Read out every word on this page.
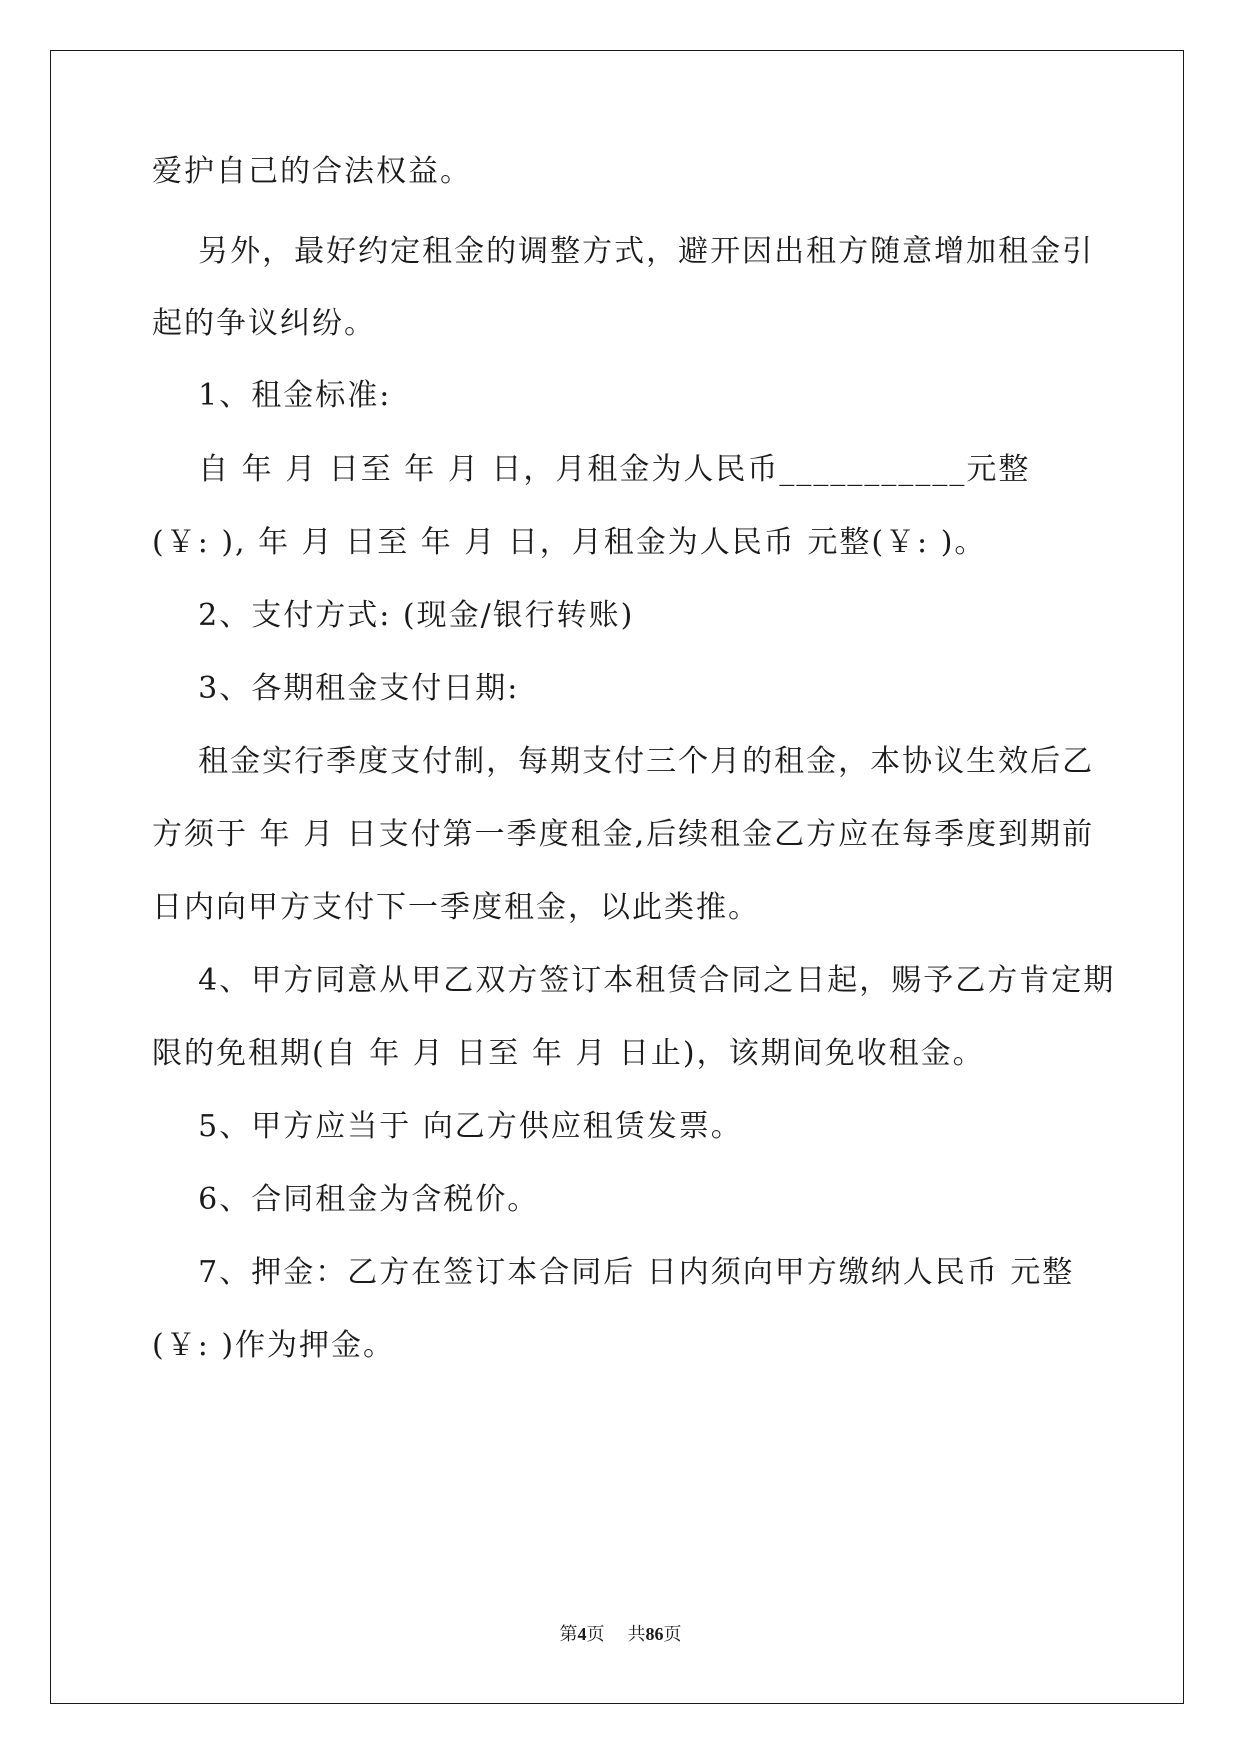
爱护自己的合法权益。
另外，最好约定租金的调整方式，避开因出租方随意增加租金引
起的争议纠纷。
1、租金标准:
自 年 月 日至 年 月 日，月租金为人民币___________元整
(￥: ), 年 月 日至 年 月 日，月租金为人民币 元整(￥: )。
2、支付方式: (现金/银行转账)
3、各期租金支付日期:
租金实行季度支付制，每期支付三个月的租金，本协议生效后乙
方须于 年 月 日支付第一季度租金,后续租金乙方应在每季度到期前
日内向甲方支付下一季度租金，以此类推。
4、甲方同意从甲乙双方签订本租赁合同之日起，赐予乙方肯定期
限的免租期(自 年 月 日至 年 月 日止)，该期间免收租金。
5、甲方应当于 向乙方供应租赁发票。
6、合同租金为含税价。
7、押金：乙方在签订本合同后 日内须向甲方缴纳人民币 元整
(￥: )作为押金。
第4页 共86页
